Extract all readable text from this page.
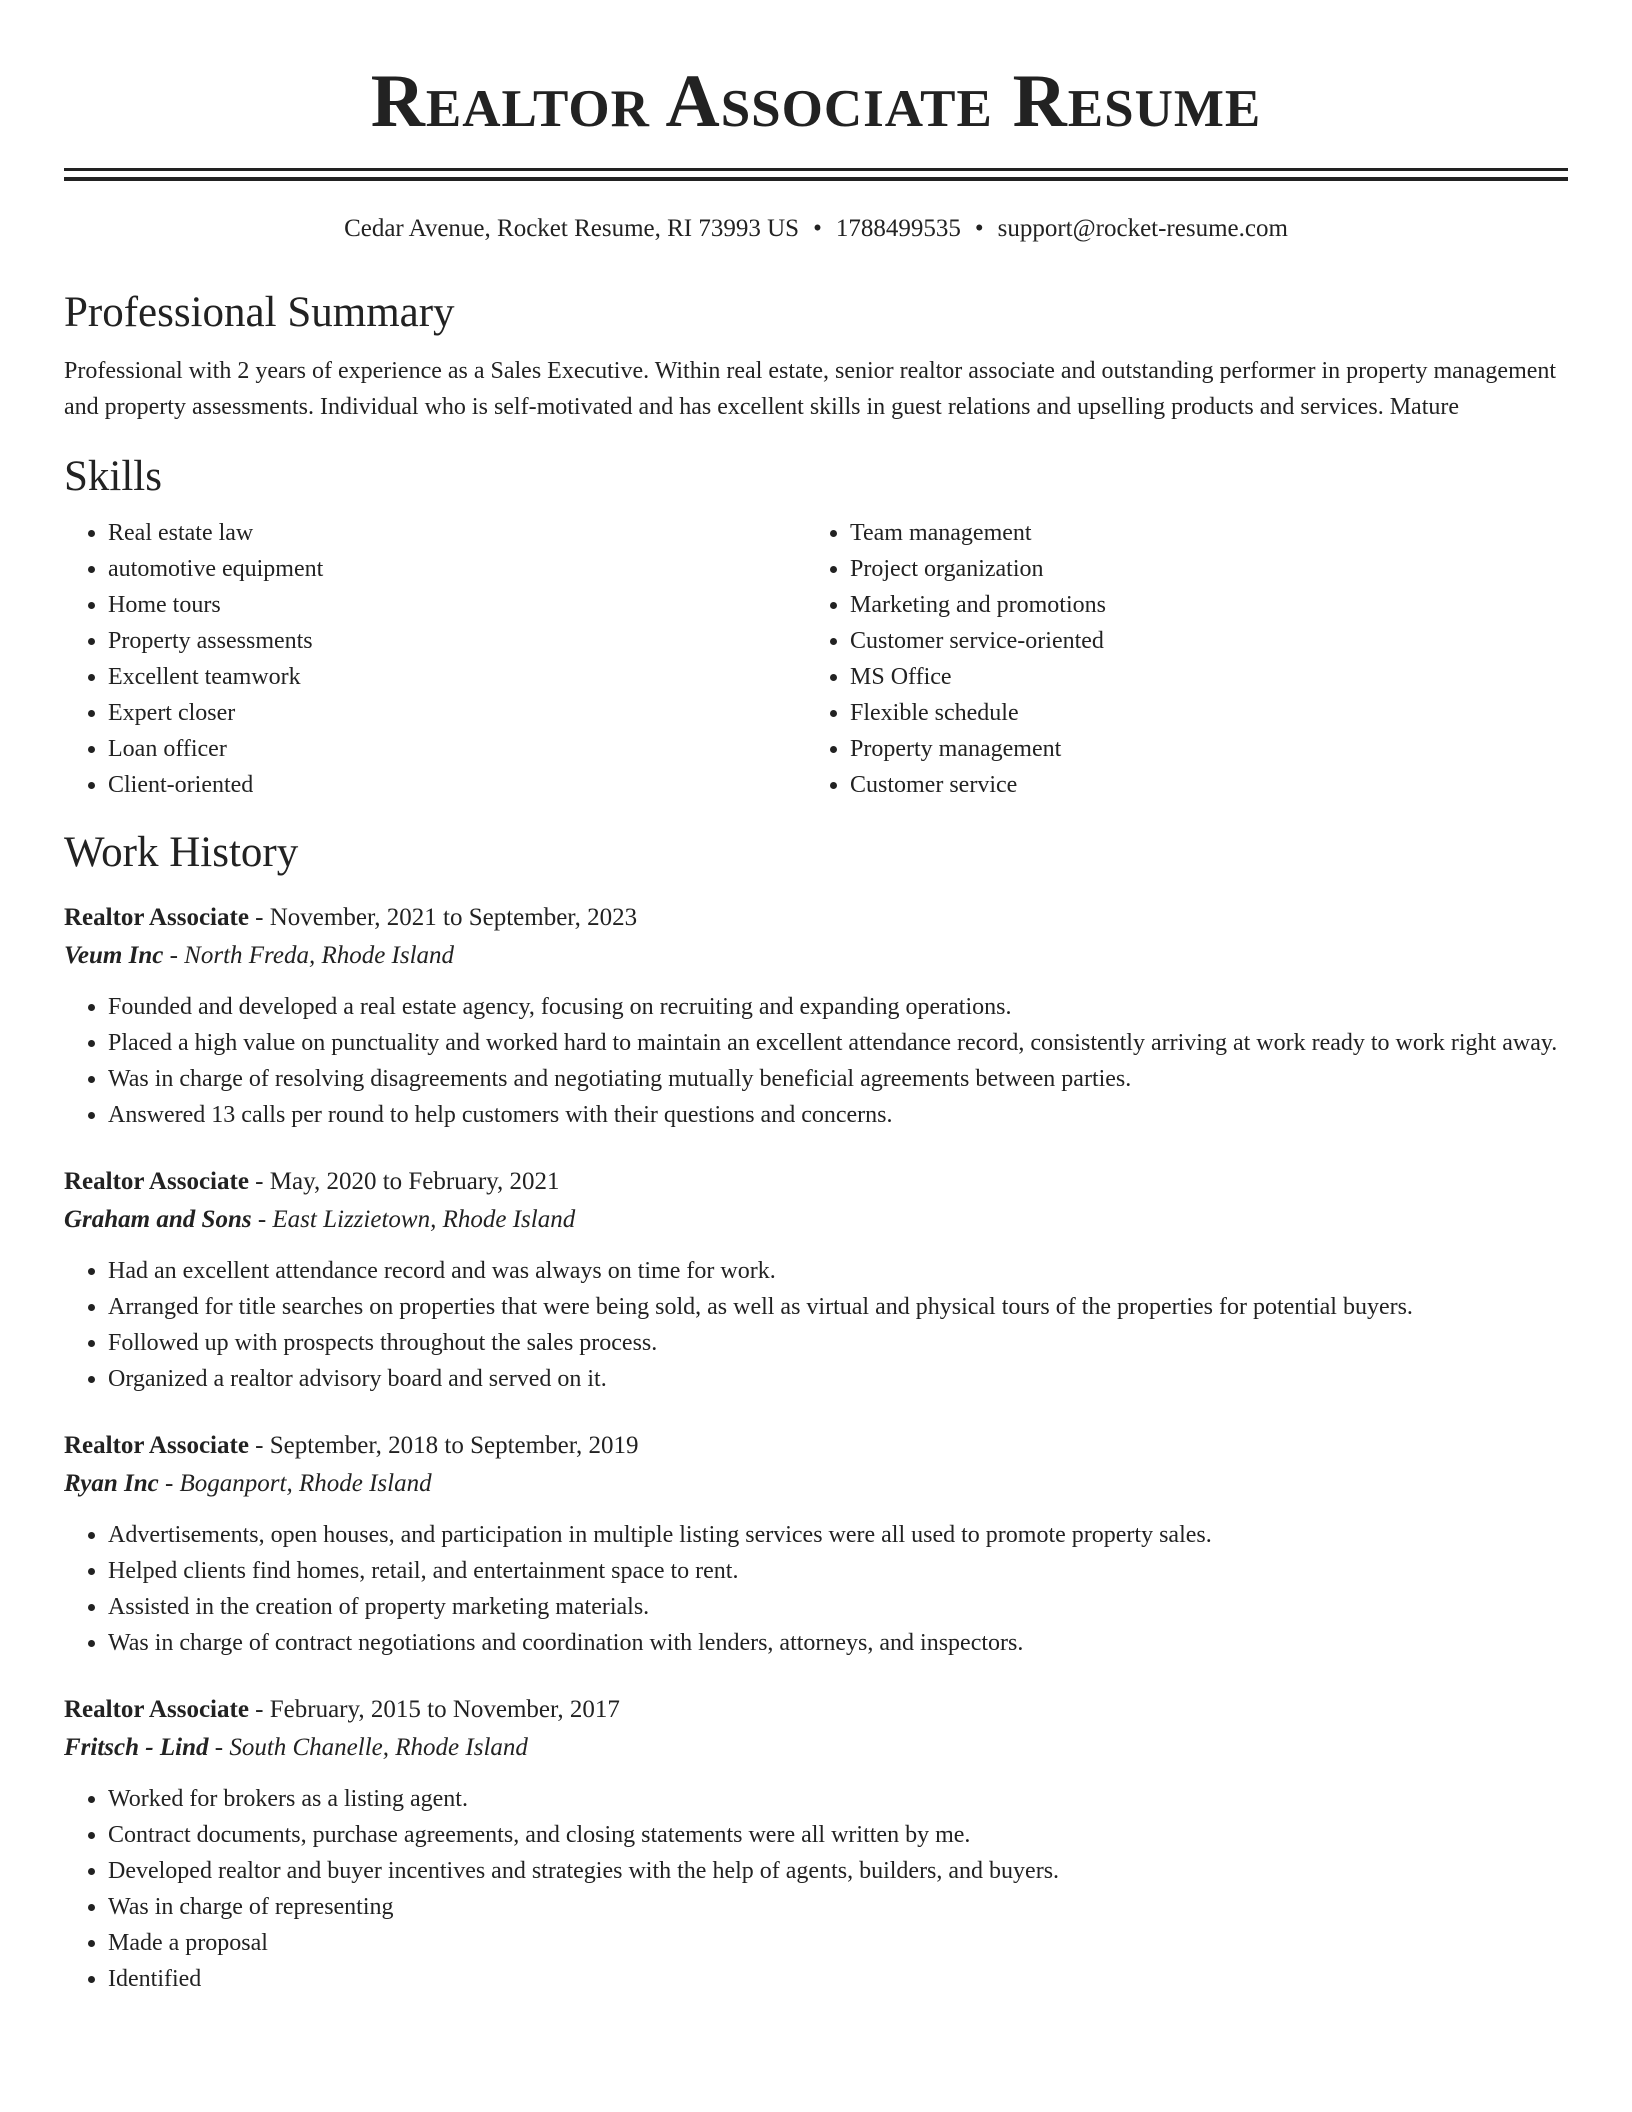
Realtor Associate Resume
Cedar Avenue, Rocket Resume, RI 73993 US • 1788499535 • support@rocket-resume.com
Professional Summary

Professional with 2 years of experience as a Sales Executive. Within real estate, senior realtor associate and outstanding performer in property management and property assessments. Individual who is self-motivated and has excellent skills in guest relations and upselling products and services. Mature

Skills
• Real estate law
• automotive equipment
• Home tours
• Property assessments
• Excellent teamwork
• Expert closer
• Loan officer
• Client-oriented
• Team management
• Project organization
• Marketing and promotions
• Customer service-oriented
• MS Office
• Flexible schedule
• Property management
• Customer service
Work History
Realtor Associate - November, 2021 to September, 2023
Veum Inc - North Freda, Rhode Island
• Founded and developed a real estate agency, focusing on recruiting and expanding operations.
• Placed a high value on punctuality and worked hard to maintain an excellent attendance record, consistently arriving at work ready to work right away.
• Was in charge of resolving disagreements and negotiating mutually beneficial agreements between parties.
• Answered 13 calls per round to help customers with their questions and concerns.
Realtor Associate - May, 2020 to February, 2021
Graham and Sons - East Lizzietown, Rhode Island
• Had an excellent attendance record and was always on time for work.
• Arranged for title searches on properties that were being sold, as well as virtual and physical tours of the properties for potential buyers.
• Followed up with prospects throughout the sales process.
• Organized a realtor advisory board and served on it.
Realtor Associate - September, 2018 to September, 2019
Ryan Inc - Boganport, Rhode Island
• Advertisements, open houses, and participation in multiple listing services were all used to promote property sales.
• Helped clients find homes, retail, and entertainment space to rent.
• Assisted in the creation of property marketing materials.
• Was in charge of contract negotiations and coordination with lenders, attorneys, and inspectors.
Realtor Associate - February, 2015 to November, 2017
Fritsch - Lind - South Chanelle, Rhode Island
• Worked for brokers as a listing agent.
• Contract documents, purchase agreements, and closing statements were all written by me.
• Developed realtor and buyer incentives and strategies with the help of agents, builders, and buyers.
• Was in charge of representing
• Made a proposal
• Identified
